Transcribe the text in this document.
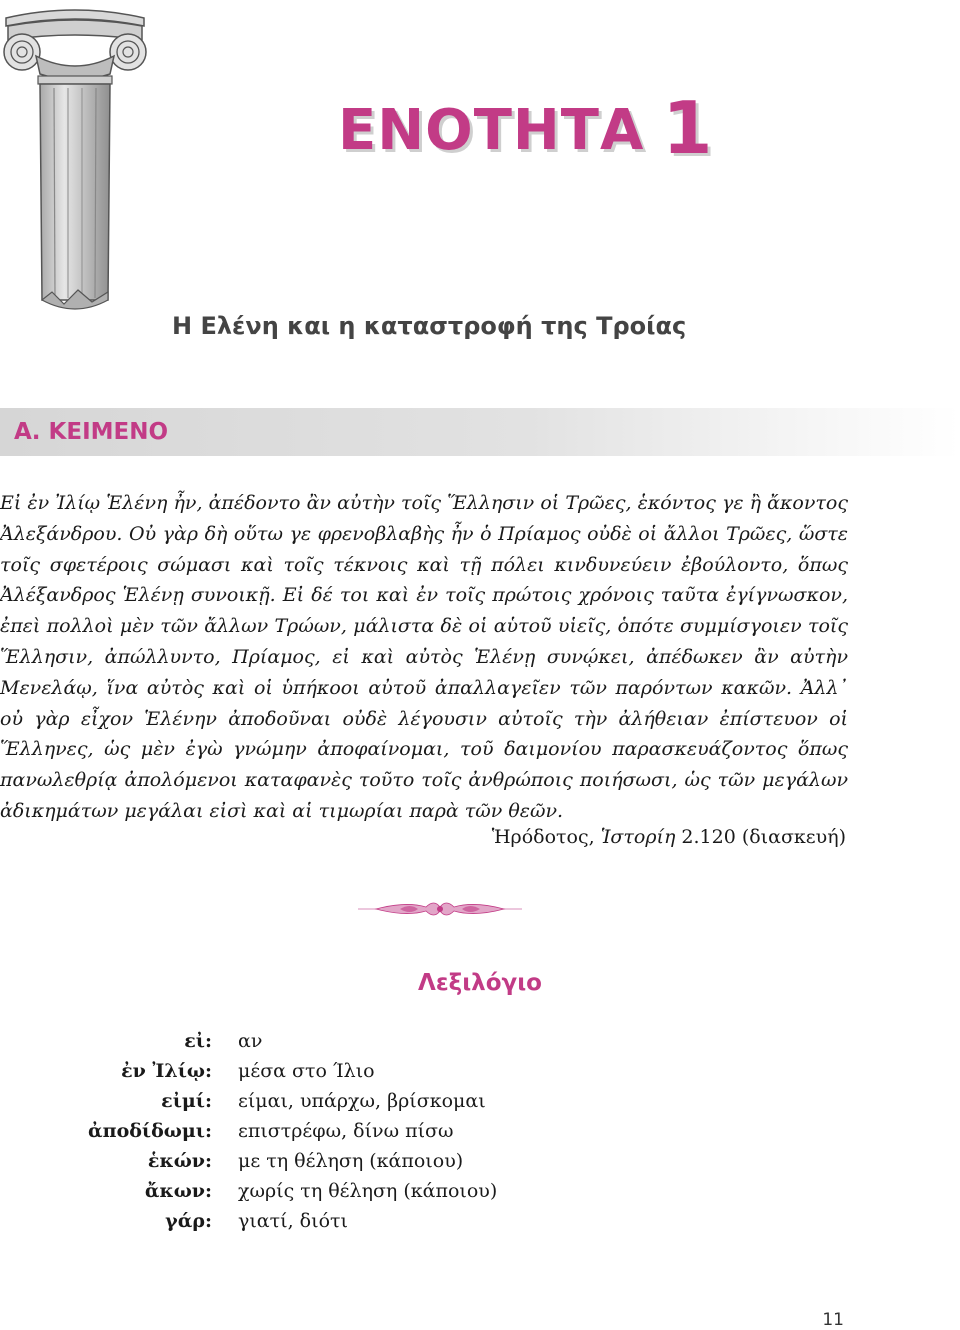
ΕΝΟΤΗΤΑ 1
Η Ελένη και η καταστροφή της Τροίας
Α. ΚΕΙΜΕΝΟ

Εἰ ἐν Ἰλίῳ Ἑλένη ἦν, ἀπέδοντο ἂν αὐτὴν τοῖς Ἕλλησιν οἱ Τρῶες, ἑκόντος γε ἢ ἄκοντος Ἀλεξάνδρου. Οὐ γὰρ δὴ οὕτω γε φρενοβλαβὴς ἦν ὁ Πρίαμος οὐδὲ οἱ ἄλλοι Τρῶες, ὥστε τοῖς σφετέροις σώμασι καὶ τοῖς τέκνοις καὶ τῇ πόλει κινδυνεύειν ἐβούλοντο, ὅπως Ἀλέξανδρος Ἑλένῃ συνοικῇ. Εἰ δέ τοι καὶ ἐν τοῖς πρώτοις χρόνοις ταῦτα ἐγίγνωσκον, ἐπεὶ πολλοὶ μὲν τῶν ἄλλων Τρώων, μάλιστα δὲ οἱ αὑτοῦ υἱεῖς, ὁπότε συμμίσγοιεν τοῖς Ἕλλησιν, ἀπώλλυντο, Πρίαμος, εἰ καὶ αὐτὸς Ἑλένῃ συνῴκει, ἀπέδωκεν ἂν αὐτὴν Μενελάῳ, ἵνα αὐτὸς καὶ οἱ ὑπήκοοι αὐτοῦ ἀπαλλαγεῖεν τῶν παρόντων κακῶν. Ἀλλ᾽ οὐ γὰρ εἶχον Ἑλένην ἀποδοῦναι οὐδὲ λέγουσιν αὐτοῖς τὴν ἀλήθειαν ἐπίστευον οἱ Ἕλληνες, ὡς μὲν ἐγὼ γνώμην ἀποφαίνομαι, τοῦ δαιμονίου παρασκευάζοντος ὅπως πανωλεθρίᾳ ἀπολόμενοι καταφανὲς τοῦτο τοῖς ἀνθρώποις ποιήσωσι, ὡς τῶν μεγάλων ἀδικημάτων μεγάλαι εἰσὶ καὶ αἱ τιμωρίαι παρὰ τῶν θεῶν.

Ἡρόδοτος, Ἱστορίη 2.120 (διασκευή)

Λεξιλόγιο
εἰ: αν
ἐν Ἰλίῳ: μέσα στο Ίλιο
εἰμί: είμαι, υπάρχω, βρίσκομαι
ἀποδίδωμι: επιστρέφω, δίνω πίσω
ἑκών: με τη θέληση (κάποιου)
ἄκων: χωρίς τη θέληση (κάποιου)
γάρ: γιατί, διότι
11
